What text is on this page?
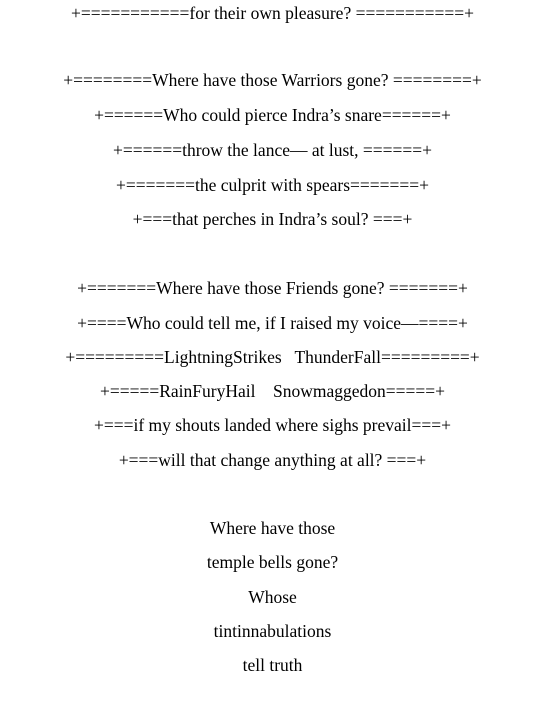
+===========for their own pleasure? ===========+
+========Where have those Warriors gone? ========+
+======Who could pierce Indra’s snare======+
+======throw the lance— at lust, ======+
+=======the culprit with spears=======+
+===that perches in Indra’s soul? ===+
+=======Where have those Friends gone? =======+
+====Who could tell me, if I raised my voice—====+
+=========LightningStrikes   ThunderFall=========+
+=====RainFuryHail    Snowmaggedon=====+
+===if my shouts landed where sighs prevail===+
+===will that change anything at all? ===+
Where have those
temple bells gone?
Whose
tintinnabulations
tell truth
